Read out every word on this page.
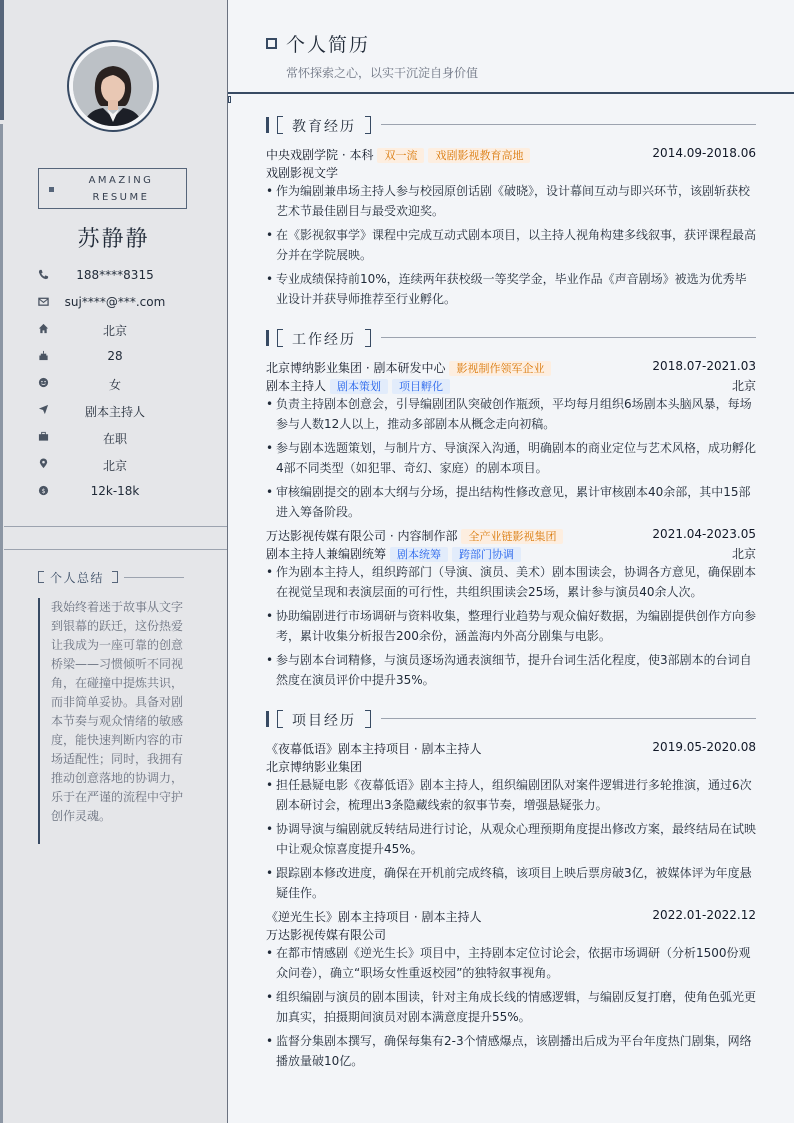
AMAZING
RESUME
苏静静
188****8315
suj****@***.com
北京
28
女
剧本主持人
在职
北京
$	12k-18k
个人总结
我始终着迷于故事从文字到银幕的跃迁，这份热爱让我成为一座可靠的创意桥梁——习惯倾听不同视角，在碰撞中提炼共识，而非简单妥协。具备对剧本节奏与观众情绪的敏感度，能快速判断内容的市场适配性；同时，我拥有推动创意落地的协调力，乐于在严谨的流程中守护创作灵魂。
个人简历
常怀探索之心，以实干沉淀自身价值
教育经历
中央戏剧学院 · 本科 双一流 戏剧影视教育高地	2014.09-2018.06
戏剧影视文学
• 作为编剧兼串场主持人参与校园原创话剧《破晓》，设计幕间互动与即兴环节，该剧斩获校艺术节最佳剧目与最受欢迎奖。
• 在《影视叙事学》课程中完成互动式剧本项目，以主持人视角构建多线叙事，获评课程最高分并在学院展映。
• 专业成绩保持前10%，连续两年获校级一等奖学金，毕业作品《声音剧场》被选为优秀毕业设计并获导师推荐至行业孵化。
工作经历
北京博纳影业集团 · 剧本研发中心 影视制作领军企业	2018.07-2021.03
剧本主持人 剧本策划 项目孵化	北京
• 负责主持剧本创意会，引导编剧团队突破创作瓶颈，平均每月组织6场剧本头脑风暴，每场参与人数12人以上，推动多部剧本从概念走向初稿。
• 参与剧本选题策划，与制片方、导演深入沟通，明确剧本的商业定位与艺术风格，成功孵化4部不同类型（如犯罪、奇幻、家庭）的剧本项目。
• 审核编剧提交的剧本大纲与分场，提出结构性修改意见，累计审核剧本40余部，其中15部进入筹备阶段。
万达影视传媒有限公司 · 内容制作部 全产业链影视集团	2021.04-2023.05
剧本主持人兼编剧统筹 剧本统筹 跨部门协调	北京
• 作为剧本主持人，组织跨部门（导演、演员、美术）剧本围读会，协调各方意见，确保剧本在视觉呈现和表演层面的可行性，共组织围读会25场，累计参与演员40余人次。
• 协助编剧进行市场调研与资料收集，整理行业趋势与观众偏好数据，为编剧提供创作方向参考，累计收集分析报告200余份，涵盖海内外高分剧集与电影。
• 参与剧本台词精修，与演员逐场沟通表演细节，提升台词生活化程度，使3部剧本的台词自然度在演员评价中提升35%。
项目经历
《夜幕低语》剧本主持项目 · 剧本主持人	2019.05-2020.08
北京博纳影业集团
• 担任悬疑电影《夜幕低语》剧本主持人，组织编剧团队对案件逻辑进行多轮推演，通过6次剧本研讨会，梳理出3条隐藏线索的叙事节奏，增强悬疑张力。
• 协调导演与编剧就反转结局进行讨论，从观众心理预期角度提出修改方案，最终结局在试映中让观众惊喜度提升45%。
• 跟踪剧本修改进度，确保在开机前完成终稿，该项目上映后票房破3亿，被媒体评为年度悬疑佳作。
《逆光生长》剧本主持项目 · 剧本主持人	2022.01-2022.12
万达影视传媒有限公司
• 在都市情感剧《逆光生长》项目中，主持剧本定位讨论会，依据市场调研（分析1500份观众问卷），确立“职场女性重返校园”的独特叙事视角。
• 组织编剧与演员的剧本围读，针对主角成长线的情感逻辑，与编剧反复打磨，使角色弧光更加真实，拍摄期间演员对剧本满意度提升55%。
• 监督分集剧本撰写，确保每集有2-3个情感爆点，该剧播出后成为平台年度热门剧集，网络播放量破10亿。
